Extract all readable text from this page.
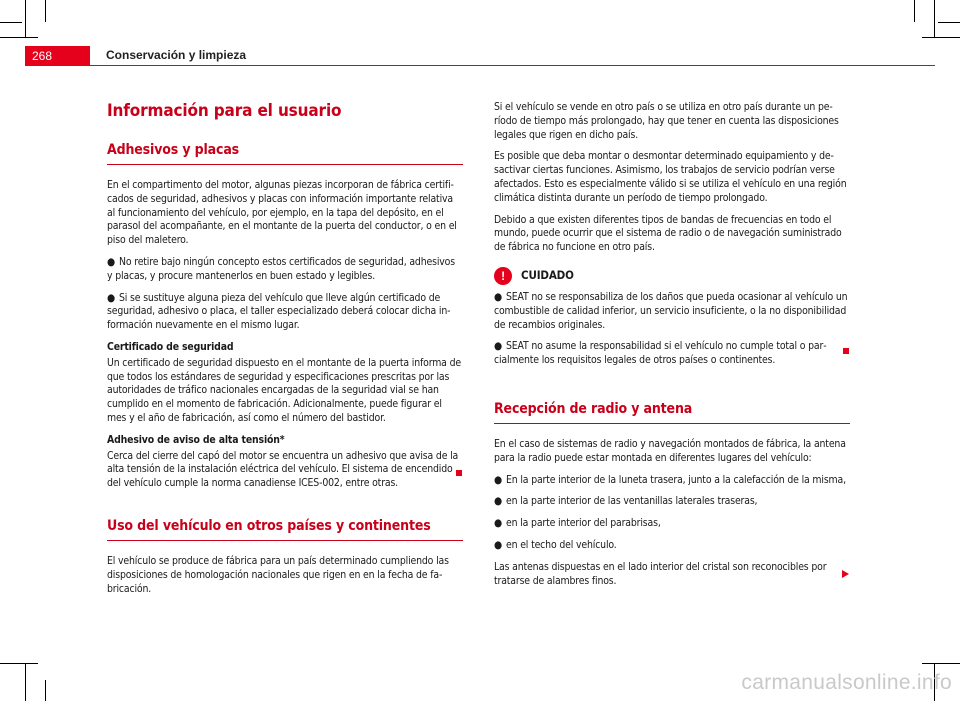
268	Conservación y limpieza
Información para el usuario
Adhesivos y placas

En el compartimento del motor, algunas piezas incorporan de fábrica certificados de seguridad, adhesivos y placas con información importante relativa al funcionamiento del vehículo, por ejemplo, en la tapa del depósito, en el parasol del acompañante, en el montante de la puerta del conductor, o en el piso del maletero.

● No retire bajo ningún concepto estos certificados de seguridad, adhesivos y placas, y procure mantenerlos en buen estado y legibles.

● Si se sustituye alguna pieza del vehículo que lleve algún certificado de seguridad, adhesivo o placa, el taller especializado deberá colocar dicha información nuevamente en el mismo lugar.

Certificado de seguridad

Un certificado de seguridad dispuesto en el montante de la puerta informa de que todos los estándares de seguridad y especificaciones prescritas por las autoridades de tráfico nacionales encargadas de la seguridad vial se han cumplido en el momento de fabricación. Adicionalmente, puede figurar el mes y el año de fabricación, así como el número del bastidor.

Adhesivo de aviso de alta tensión*

Cerca del cierre del capó del motor se encuentra un adhesivo que avisa de la alta tensión de la instalación eléctrica del vehículo. El sistema de encendido del vehículo cumple la norma canadiense ICES-002, entre otras.

Uso del vehículo en otros países y continentes

El vehículo se produce de fábrica para un país determinado cumpliendo las disposiciones de homologación nacionales que rigen en en la fecha de fabricación.

Si el vehículo se vende en otro país o se utiliza en otro país durante un período de tiempo más prolongado, hay que tener en cuenta las disposiciones legales que rigen en dicho país.

Es posible que deba montar o desmontar determinado equipamiento y desactivar ciertas funciones. Asimismo, los trabajos de servicio podrían verse afectados. Esto es especialmente válido si se utiliza el vehículo en una región climática distinta durante un período de tiempo prolongado.

Debido a que existen diferentes tipos de bandas de frecuencias en todo el mundo, puede ocurrir que el sistema de radio o de navegación suministrado de fábrica no funcione en otro país.

!	CUIDADO

● SEAT no se responsabiliza de los daños que pueda ocasionar al vehículo un combustible de calidad inferior, un servicio insuficiente, o la no disponibilidad de recambios originales.

● SEAT no asume la responsabilidad si el vehículo no cumple total o parcialmente los requisitos legales de otros países o continentes.

Recepción de radio y antena

En el caso de sistemas de radio y navegación montados de fábrica, la antena para la radio puede estar montada en diferentes lugares del vehículo:

● En la parte interior de la luneta trasera, junto a la calefacción de la misma,

● en la parte interior de las ventanillas laterales traseras,

● en la parte interior del parabrisas,

● en el techo del vehículo.

Las antenas dispuestas en el lado interior del cristal son reconocibles por tratarse de alambres finos.

carmanualsonline.info
